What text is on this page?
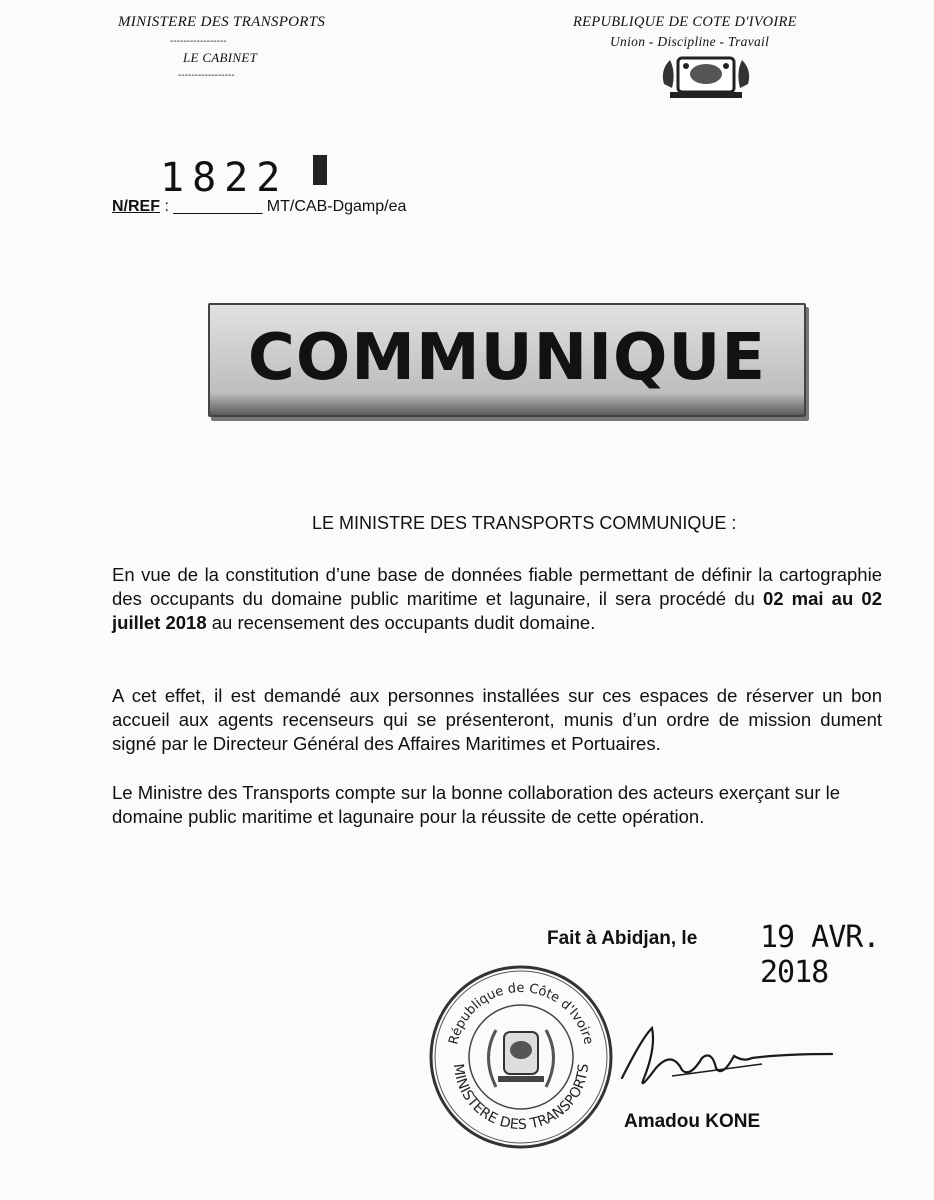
MINISTERE DES TRANSPORTS
-----------------
LE CABINET
-----------------
REPUBLIQUE DE COTE D'IVOIRE
Union - Discipline - Travail
1822
N/REF : __________ MT/CAB-Dgamp/ea
COMMUNIQUE
LE MINISTRE DES TRANSPORTS COMMUNIQUE :
En vue de la constitution d’une base de données fiable permettant de définir la cartographie des occupants du domaine public maritime et lagunaire, il sera procédé du 02 mai au 02 juillet 2018 au recensement des occupants dudit domaine.
A cet effet, il est demandé aux personnes installées sur ces espaces de réserver un bon accueil aux agents recenseurs qui se présenteront, munis d’un ordre de mission dument signé par le Directeur Général des Affaires Maritimes et Portuaires.
Le Ministre des Transports compte sur la bonne collaboration des acteurs exerçant sur le domaine public maritime et lagunaire pour la réussite de cette opération.
Fait à Abidjan, le 19 AVR. 2018
République de Côte d'Ivoire
MINISTERE DES TRANSPORTS
Amadou KONE
